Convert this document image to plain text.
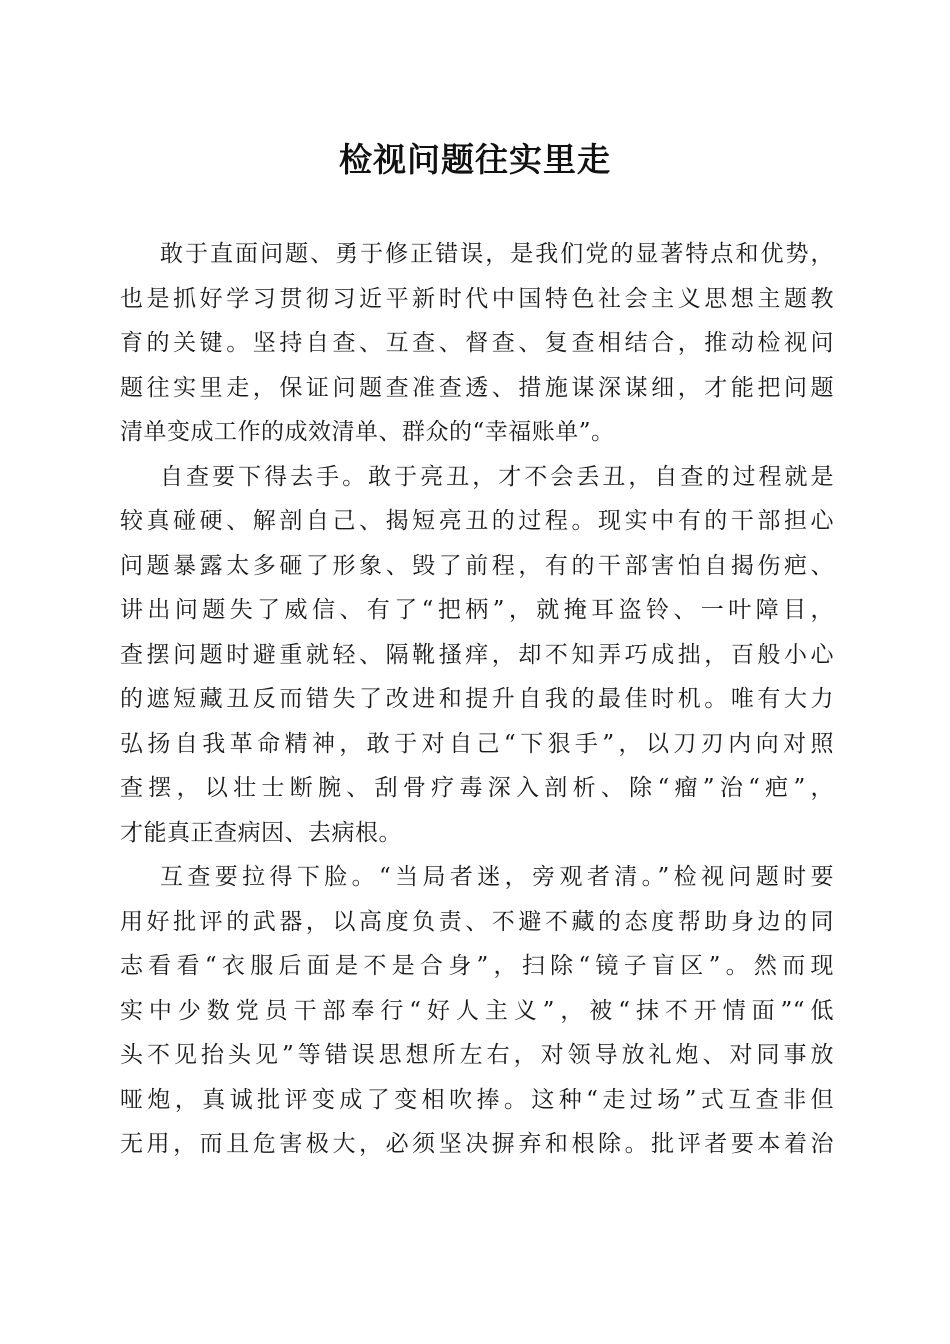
检视问题往实里走
敢于直面问题、勇于修正错误，是我们党的显著特点和优势，
也是抓好学习贯彻习近平新时代中国特色社会主义思想主题教
育的关键。坚持自查、互查、督查、复查相结合，推动检视问
题往实里走，保证问题查准查透、措施谋深谋细，才能把问题
清单变成工作的成效清单、群众的“幸福账单”。
自查要下得去手。敢于亮丑，才不会丢丑，自查的过程就是
较真碰硬、解剖自己、揭短亮丑的过程。现实中有的干部担心
问题暴露太多砸了形象、毁了前程，有的干部害怕自揭伤疤、
讲出问题失了威信、有了“把柄”，就掩耳盗铃、一叶障目，
查摆问题时避重就轻、隔靴搔痒，却不知弄巧成拙，百般小心
的遮短藏丑反而错失了改进和提升自我的最佳时机。唯有大力
弘扬自我革命精神，敢于对自己“下狠手”，以刀刃内向对照
查摆，以壮士断腕、刮骨疗毒深入剖析、除“瘤”治“疤”，
才能真正查病因、去病根。
互查要拉得下脸。“当局者迷，旁观者清。”检视问题时要
用好批评的武器，以高度负责、不避不藏的态度帮助身边的同
志看看“衣服后面是不是合身”，扫除“镜子盲区”。然而现
实中少数党员干部奉行“好人主义”，被“抹不开情面”“低
头不见抬头见”等错误思想所左右，对领导放礼炮、对同事放
哑炮，真诚批评变成了变相吹捧。这种“走过场”式互查非但
无用，而且危害极大，必须坚决摒弃和根除。批评者要本着治
